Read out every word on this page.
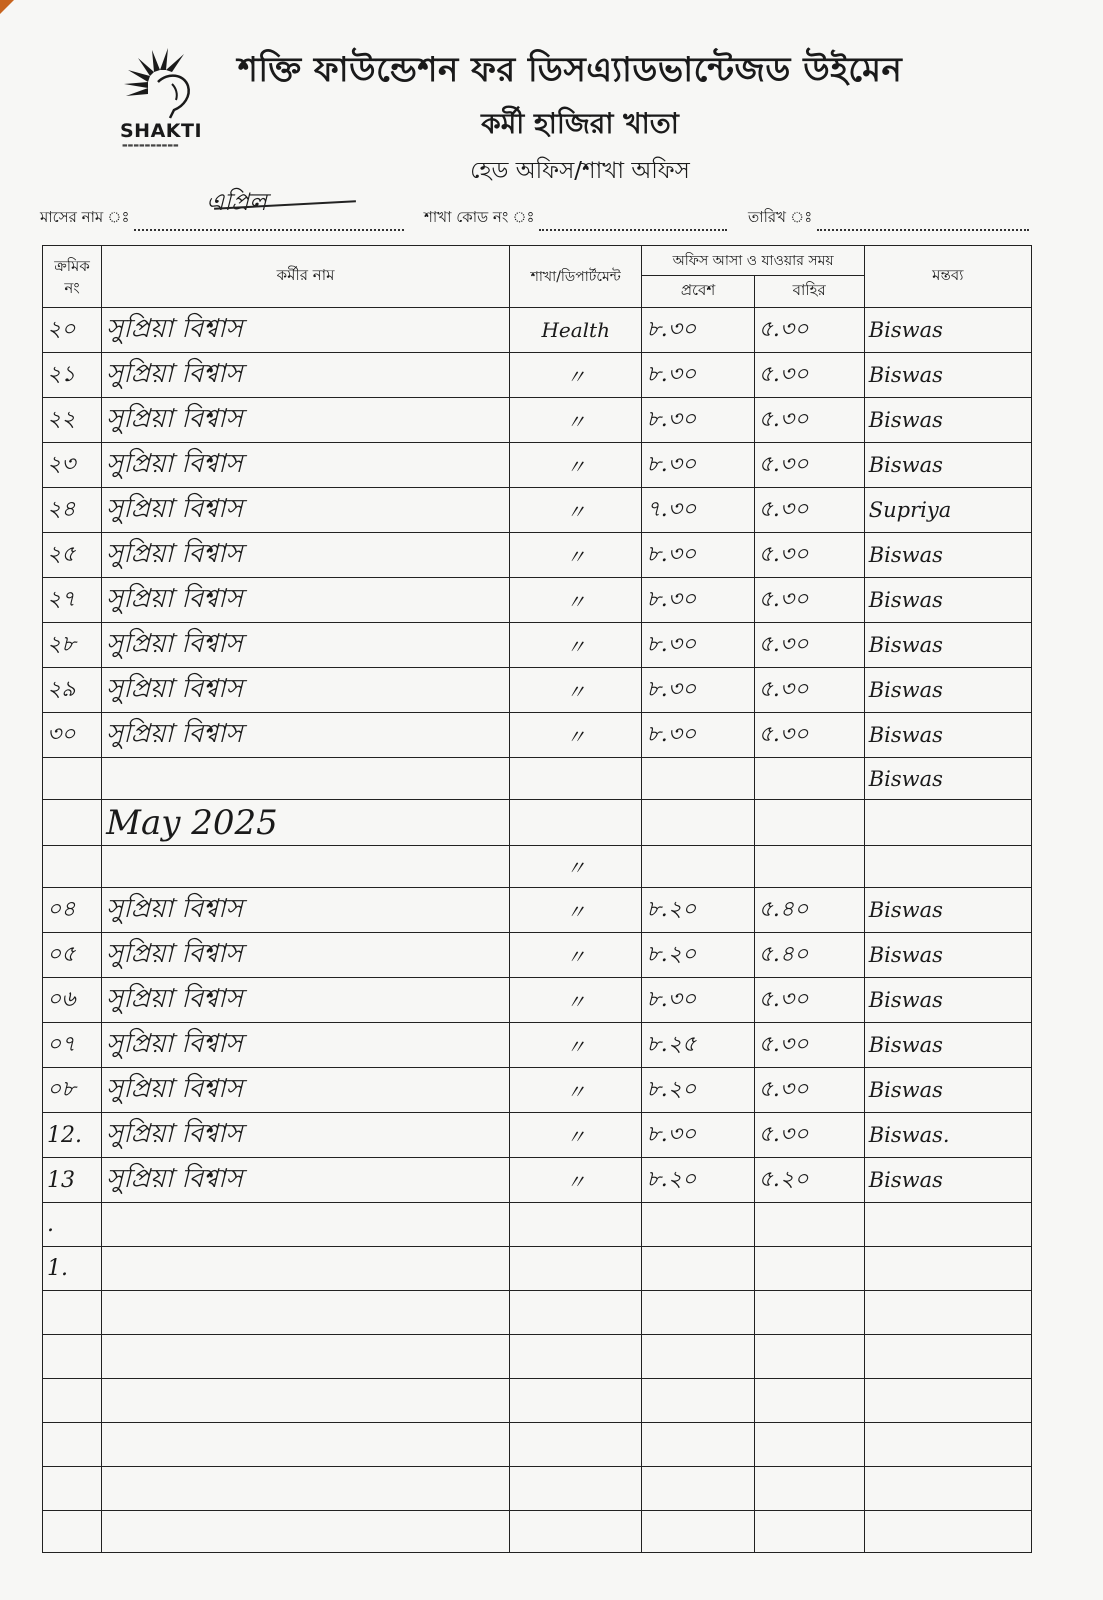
SHAKTI
▬▬▬▬▬▬▬▬▬▬
শক্তি ফাউন্ডেশন ফর ডিসএ্যাডভান্টেজড উইমেন
কর্মী হাজিরা খাতা
হেড অফিস/শাখা অফিস
মাসের নাম ঃ
এপ্রিল
শাখা কোড নং ঃ	তারিখ ঃ
ক্রমিক নং	কর্মীর নাম	শাখা/ডিপার্টমেন্ট	অফিস আসা ও যাওয়ার সময়		মন্তব্য
			প্রবেশ	বাহির	
২০	সুপ্রিয়া বিশ্বাস	Health	৮.৩০	৫.৩০	Biswas
২১	সুপ্রিয়া বিশ্বাস	〃	৮.৩০	৫.৩০	Biswas
২২	সুপ্রিয়া বিশ্বাস	〃	৮.৩০	৫.৩০	Biswas
২৩	সুপ্রিয়া বিশ্বাস	〃	৮.৩০	৫.৩০	Biswas
২৪	সুপ্রিয়া বিশ্বাস	〃	৭.৩০	৫.৩০	Supriya
২৫	সুপ্রিয়া বিশ্বাস	〃	৮.৩০	৫.৩০	Biswas
২৭	সুপ্রিয়া বিশ্বাস	〃	৮.৩০	৫.৩০	Biswas
২৮	সুপ্রিয়া বিশ্বাস	〃	৮.৩০	৫.৩০	Biswas
২৯	সুপ্রিয়া বিশ্বাস	〃	৮.৩০	৫.৩০	Biswas
৩০	সুপ্রিয়া বিশ্বাস	〃	৮.৩০	৫.৩০	Biswas
					Biswas
	May 2025				
		〃			
০৪	সুপ্রিয়া বিশ্বাস	〃	৮.২০	৫.৪০	Biswas
০৫	সুপ্রিয়া বিশ্বাস	〃	৮.২০	৫.৪০	Biswas
০৬	সুপ্রিয়া বিশ্বাস	〃	৮.৩০	৫.৩০	Biswas
০৭	সুপ্রিয়া বিশ্বাস	〃	৮.২৫	৫.৩০	Biswas
০৮	সুপ্রিয়া বিশ্বাস	〃	৮.২০	৫.৩০	Biswas
12.	সুপ্রিয়া বিশ্বাস	〃	৮.৩০	৫.৩০	Biswas.
13	সুপ্রিয়া বিশ্বাস	〃	৮.২০	৫.২০	Biswas
.					
1.					
